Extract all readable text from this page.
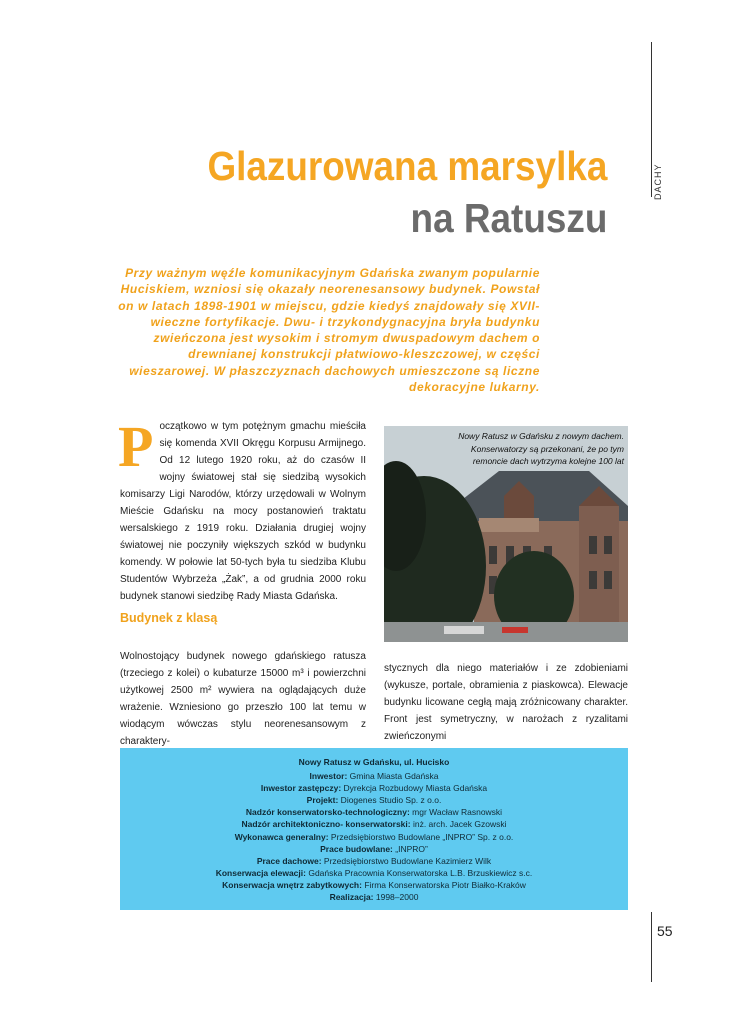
DACHY
Glazurowana marsylka
na Ratuszu
Przy ważnym węźle komunikacyjnym Gdańska zwanym popularnie Huciskiem, wzniosi się okazały neorenesansowy budynek. Powstał on w latach 1898-1901 w miejscu, gdzie kiedyś znajdowały się XVII-wieczne fortyfikacje. Dwu- i trzykondygnacyjna bryła budynku zwieńczona jest wysokim i stromym dwuspadowym dachem o drewnianej konstrukcji płatwiowo-kleszczowej, w części wieszarowej. W płaszczyznach dachowych umieszczone są liczne dekoracyjne lukarny.
P oczątkowo w tym potężnym gmachu mieściła się komenda XVII Okręgu Korpusu Armijnego. Od 12 lutego 1920 roku, aż do czasów II wojny światowej stał się siedzibą wysokich komisarzy Ligi Narodów, którzy urzędowali w Wolnym Mieście Gdańsku na mocy postanowień traktatu wersalskiego z 1919 roku. Działania drugiej wojny światowej nie poczyniły większych szkód w budynku komendy. W połowie lat 50-tych była tu siedziba Klubu Studentów Wybrzeża „Żak”, a od grudnia 2000 roku budynek stanowi siedzibę Rady Miasta Gdańska.

Nowy Ratusz w Gdańsku z nowym dachem. Konserwatorzy są przekonani, że po tym remoncie dach wytrzyma kolejne 100 lat
Budynek z klasą

Wolnostojący budynek nowego gdańskiego ratusza (trzeciego z kolei) o kubaturze 15000 m³ i powierzchni użytkowej 2500 m² wywiera na oglądających duże wrażenie. Wzniesiono go przeszło 100 lat temu w wiodącym wówczas stylu neorenesansowym z charaktery-

stycznych dla niego materiałów i ze zdobieniami (wykusze, portale, obramienia z piaskowca). Elewacje budynku licowane cegłą mają zróżnicowany charakter. Front jest symetryczny, w narożach z ryzalitami zwieńczonymi

Nowy Ratusz w Gdańsku, ul. Hucisko
Inwestor: Gmina Miasta Gdańska
Inwestor zastępczy: Dyrekcja Rozbudowy Miasta Gdańska
Projekt: Diogenes Studio Sp. z o.o.
Nadzór konserwatorsko-technologiczny: mgr Wacław Rasnowski
Nadzór architektoniczno- konserwatorski: inż. arch. Jacek Gzowski
Wykonawca generalny: Przedsiębiorstwo Budowlane „INPRO” Sp. z o.o.
Prace budowlane: „INPRO”
Prace dachowe: Przedsiębiorstwo Budowlane Kazimierz Wilk
Konserwacja elewacji: Gdańska Pracownia Konserwatorska L.B. Brzuskiewicz s.c.
Konserwacja wnętrz zabytkowych: Firma Konserwatorska Piotr Białko-Kraków
Realizacja: 1998–2000
55
